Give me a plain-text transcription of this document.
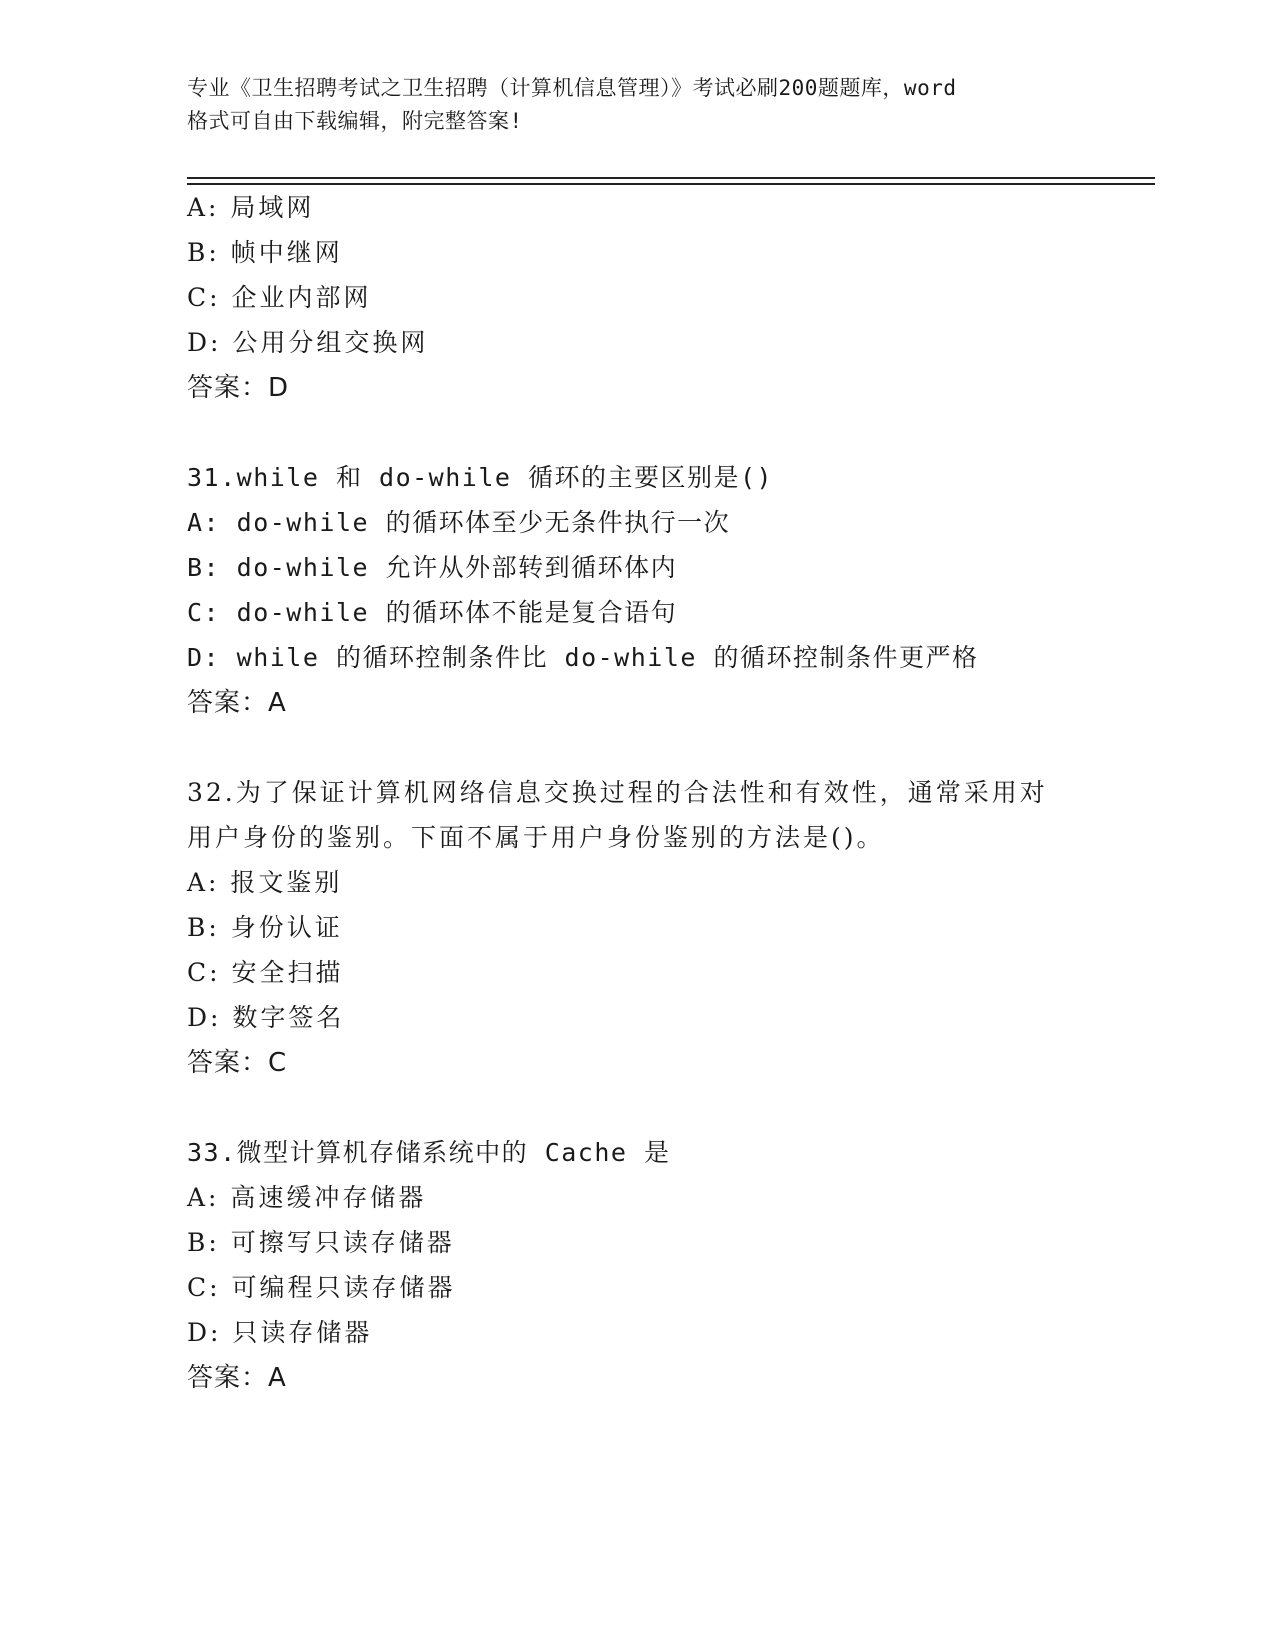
专业《卫生招聘考试之卫生招聘（计算机信息管理）》考试必刷200题题库，word
格式可自由下载编辑，附完整答案!
A: 局域网
B: 帧中继网
C: 企业内部网
D: 公用分组交换网
答案：D
31.while 和 do-while 循环的主要区别是()
A: do-while 的循环体至少无条件执行一次
B: do-while 允许从外部转到循环体内
C: do-while 的循环体不能是复合语句
D: while 的循环控制条件比 do-while 的循环控制条件更严格
答案：A
32.为了保证计算机网络信息交换过程的合法性和有效性，通常采用对
用户身份的鉴别。下面不属于用户身份鉴别的方法是()。
A: 报文鉴别
B: 身份认证
C: 安全扫描
D: 数字签名
答案：C
33.微型计算机存储系统中的 Cache 是
A: 高速缓冲存储器
B: 可擦写只读存储器
C: 可编程只读存储器
D: 只读存储器
答案：A
